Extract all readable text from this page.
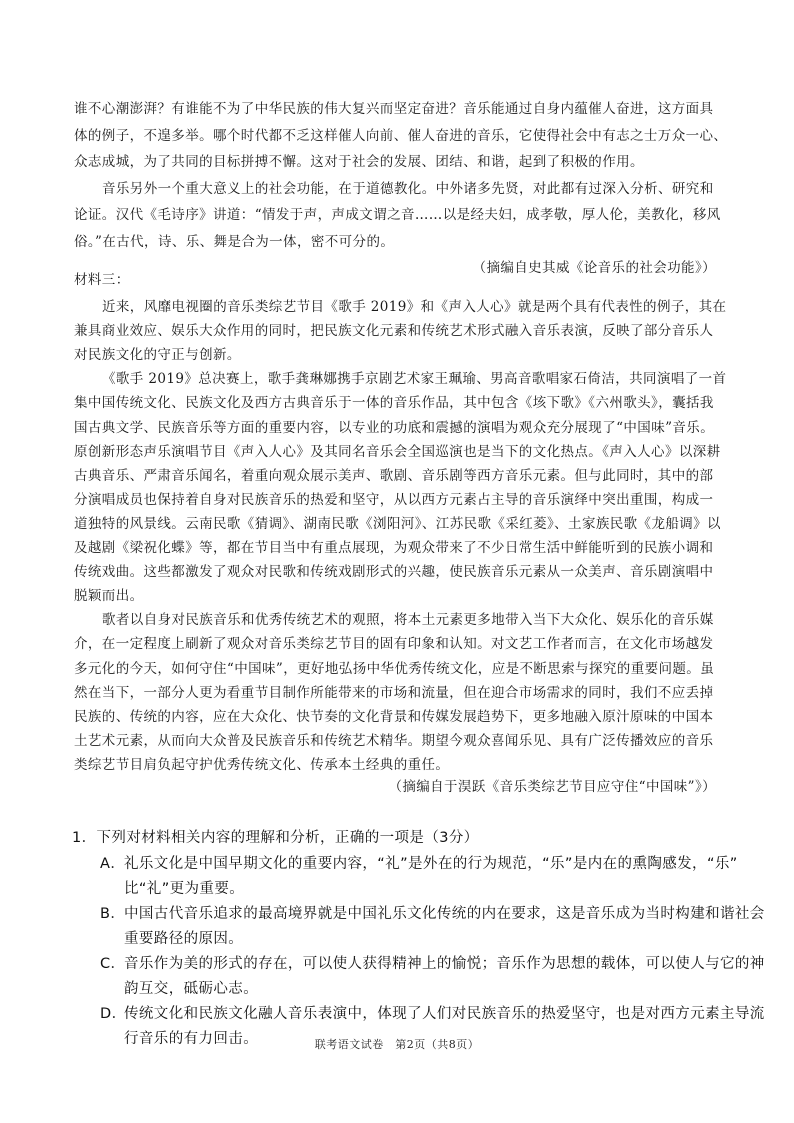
谁不心潮澎湃？有谁能不为了中华民族的伟大复兴而坚定奋进？音乐能通过自身内蕴催人奋进，这方面具
体的例子，不遑多举。哪个时代都不乏这样催人向前、催人奋进的音乐，它使得社会中有志之士万众一心、
众志成城，为了共同的目标拼搏不懈。这对于社会的发展、团结、和谐，起到了积极的作用。
音乐另外一个重大意义上的社会功能，在于道德教化。中外诸多先贤，对此都有过深入分析、研究和
论证。汉代《毛诗序》讲道：“情发于声，声成文谓之音……以是经夫妇，成孝敬，厚人伦，美教化，移风
俗。”在古代，诗、乐、舞是合为一体，密不可分的。
（摘编自史其威《论音乐的社会功能》）
材料三：
近来，风靡电视圈的音乐类综艺节目《歌手 2019》和《声入人心》就是两个具有代表性的例子，其在
兼具商业效应、娱乐大众作用的同时，把民族文化元素和传统艺术形式融入音乐表演，反映了部分音乐人
对民族文化的守正与创新。
《歌手 2019》总决赛上，歌手龚琳娜携手京剧艺术家王珮瑜、男高音歌唱家石倚洁，共同演唱了一首
集中国传统文化、民族文化及西方古典音乐于一体的音乐作品，其中包含《垓下歌》《六州歌头》，囊括我
国古典文学、民族音乐等方面的重要内容，以专业的功底和震撼的演唱为观众充分展现了“中国味”音乐。
原创新形态声乐演唱节目《声入人心》及其同名音乐会全国巡演也是当下的文化热点。《声入人心》以深耕
古典音乐、严肃音乐闻名，着重向观众展示美声、歌剧、音乐剧等西方音乐元素。但与此同时，其中的部
分演唱成员也保持着自身对民族音乐的热爱和坚守，从以西方元素占主导的音乐演绎中突出重围，构成一
道独特的风景线。云南民歌《猜调》、湖南民歌《浏阳河》、江苏民歌《采红菱》、土家族民歌《龙船调》以
及越剧《梁祝化蝶》等，都在节目当中有重点展现，为观众带来了不少日常生活中鲜能听到的民族小调和
传统戏曲。这些都激发了观众对民歌和传统戏剧形式的兴趣，使民族音乐元素从一众美声、音乐剧演唱中
脱颖而出。
歌者以自身对民族音乐和优秀传统艺术的观照，将本土元素更多地带入当下大众化、娱乐化的音乐媒
介，在一定程度上刷新了观众对音乐类综艺节目的固有印象和认知。对文艺工作者而言，在文化市场越发
多元化的今天，如何守住“中国味”，更好地弘扬中华优秀传统文化，应是不断思索与探究的重要问题。虽
然在当下，一部分人更为看重节目制作所能带来的市场和流量，但在迎合市场需求的同时，我们不应丢掉
民族的、传统的内容，应在大众化、快节奏的文化背景和传媒发展趋势下，更多地融入原汁原味的中国本
土艺术元素，从而向大众普及民族音乐和传统艺术精华。期望今观众喜闻乐见、具有广泛传播效应的音乐
类综艺节目肩负起守护优秀传统文化、传承本土经典的重任。
（摘编自于淏跃《音乐类综艺节目应守住“中国味”》）
1．下列对材料相关内容的理解和分析，正确的一项是（3分）
A．
礼乐文化是中国早期文化的重要内容，“礼”是外在的行为规范，“乐”是内在的熏陶感发，“乐”
比“礼”更为重要。
B．
中国古代音乐追求的最高境界就是中国礼乐文化传统的内在要求，这是音乐成为当时构建和谐社会
重要路径的原因。
C．
音乐作为美的形式的存在，可以使人获得精神上的愉悦；音乐作为思想的载体，可以使人与它的神
韵互交，砥砺心志。
D．
传统文化和民族文化融人音乐表演中，体现了人们对民族音乐的热爱坚守，也是对西方元素主导流
行音乐的有力回击。	联考语文试卷　第2页（共8页）
